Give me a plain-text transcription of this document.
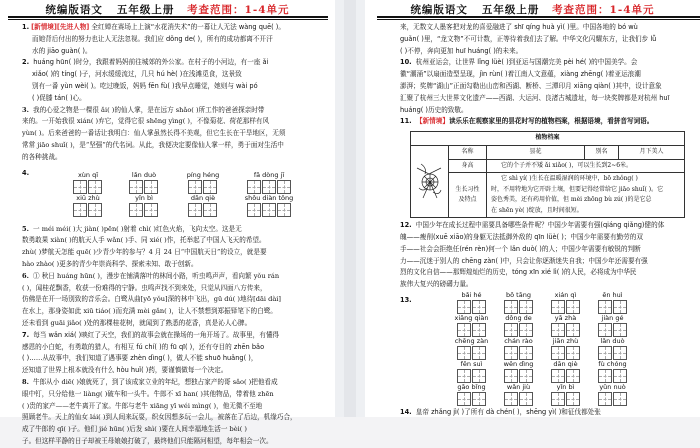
统编版语文 五年级上册 考查范围：1-4单元

1. [新情境][先进人物] 全红婵在赛场上上演“水花消失术”的一幕让人无法 wàng quē( )。

而她背后付出的努力也让人无法忽视。我们应 dǒng de( )，所有的成功都离不开汗

水的 jiāo guàn( )。

2. huáng hūn( )时分，我跟着妈妈前往城郊的外公家。在村子的小河边，有一座 ǎi

xiǎo( )的 tíng( )子，河水缓缓流过，几只 hú hè( )在浅滩觅食，这景致

别有一番 yùn wèi( )。吃过晚饭，妈妈 fēn fù( )我早点睡觉，她则与 wài pó

( )促膝 tán( )心。

3. 我的心爱之物是一棵很 ǎi( )的仙人掌，是在远方 shǎo( )所工作的爸爸探亲时带

来的。一开始我很 xián( )弃它，觉得它很 shēng yìng( )，不像菊花、荷花那样有风

yùn( )。后来爸爸的一番话让我明白：仙人掌虽然长得不美观，但它生长在干旱地区，无须

常常 jiāo shuǐ( )，是“坚强”的代名词。从此，我便决定要像仙人掌一样，勇于面对生活中

的各种挑战。

4.	xùn qī	lǎn duò	píng héng	fā dòng jī
xiū zhù	yǐn bì	dān qiè	shǒu diàn tǒng

5. 一 méi méi( )大 jiàn( )pēn( )射着 chì( )红色火焰，飞向太空。这是无

数勇敢果 xiàn( )的航天人手 wǎn( )手、同 xié( )作，托举起了中国人飞天的希望。

zhù( )梦航天怎能 quē( )少青少年的参与？4 月 24 日“中国航天日”的设立，就是要

hào zhào( )更多的青少年崇尚科学、探索未知、敢于创新。

6. ① 秋日 huáng hūn( )，漫步在铺满落叶的林间小路，听虫鸣声声，看向繁 yǒu rán

( )，闻桂花飘香，收获一份难得的宁静。虫鸣声找不到来处，只觉从四面八方传来，

仿佛是在开一场别致的音乐会。白鹭从曲[yō yǒu]深的林中飞出，gū dú( )地待[dāi dài]

在水上，那身姿如此 xiū tiáo( )而充满 mèi gǎn( )，让人不禁想到郑振铎笔下的白鹭。

还未看到 guāi jiǎo( )处的那棵桂花树，就闻到了熟悉的花香，真是沁人心脾。

7. 每当 wǎn xiá( )映红了天空，我们的故事会就在操场的一角开场了。故事里，有懂得

感恩的小白蛇，有勇敢的猎人，有相互 fú chí( )的 fū qī( )，还有夺目的 zhēn bǎo

( )……从故事中，我们知道了遇事要 zhèn dìng( )，做人不能 shuō huǎng( )，

还知道了世界上根本就没有什么 hòu huǐ( )药，要谨慎做每一个决定。

8. 牛郎从小 diē( )娘就死了，到了该成家立业的年纪，想独占家产的哥 sǎo( )把他看成

眼中钉，只分给他一 liàng( )破车和一头牛。牛郎不 xī han( )其他物品，带着他 zhēn

( )贵的家产——老牛离开了家。牛郎与老牛 xiāng yī wéi mìng( )，他无微不至地

照顾老牛。天上的仙女 lái( )到人间来玩耍，织女因想多玩一会儿，被落在了后边，机缘巧合，

成了牛郎的 qī( )子。他们 jié hūn( )后发 shì( )要在人间幸福地生活一 bèi( )

子。但这样平静的日子却被王母娘娘打破了，最终他们只能隔河相望，每年相会一次。

统编版语文 五年级上册 考查范围：1-4单元

来，无数文人墨客把对龙的喜爱融进了 shī qíng huà yì( )里。中国各地的 bó wù

guǎn( )里，“龙文物”不可计数，正等待着我们去了解。中华文化闪耀东方，让我们步 lǚ

( )不停，奔向更加 huī huáng( )的未来。

10. 杭州亚运会，让世界 lǐng lüè( )到亚运与国潮完美 pèi hé( )的中国美学。会

徽“潮涌”以扇面造型呈现，jìn rùn( )着江南人文意蕴，xiàng zhēng( )着亚运浪潮

澎湃；奖牌“湖山”正面勾勒出山峦和西湖、断桥、三潭印月 xiāng qiàn( )其中，设计意象

汇聚了杭州三大世界文化遗产——西湖、大运河、良渚古城遗址，每一块奖牌都是对杭州 huī

huáng( )历史的致敬。

11. 【新情境】读乐乐在观察家里的昙花时写的植物档案，根据语境，看拼音写词语。

植物档案				

	名称	昙花	别名	月下美人
	身高	它的个子并不矮 ǎi xiǎo( )，可以生长到2~6米。		
	生长习性及特点	它 shì yí( )生长在温暖湿润的环境中，bō zhǒng( )
时，不用特地为它开辟土壤，但要记得经常给它 jiāo shuǐ( )。它
姿色秀美，还有药用价值，但 mèi zhōng bù zú( )的是它总
在 shēn yè( )绽放，且时间很短。		

12. 中国少年在成长过程中需要具备哪些条件呢？中国少年需要有强(qiáng qiǎng)健的体

魄——瘦削(xuē xiāo)的身躯无法抵御外敌的 qīn lüè( )；中国少年需要有勤劳的双

手——社会会拒绝任(rén rèn)何一个 lǎn duò( )的人；中国少年需要有敏锐的判断

力——沉迷于别人的 chēng zàn( )中，只会让你逐渐迷失自我；中国少年还需要有强

烈的文化自信——那辉煌灿烂的历史，tóng xīn xié lì( )的人民，必将成为中华民

族伟大复兴的磅礴力量。

13.
bǎi hé	bō tāng	xián qì	ēn huì
xiāng qiàn	dǒng de	yā zhà	jiàn gé
chēng zàn chán rào	jiān zhù	lǎn duò
fěn suì	wěn dìng	dān qiè	fù chóng
gāo bǐng	wǎn jiù	yǐn bì	yǔn nuò

14. 皇帝 zhǎng jì( )了所有 dà chén( )，shēng yì( )和征伐都处张
